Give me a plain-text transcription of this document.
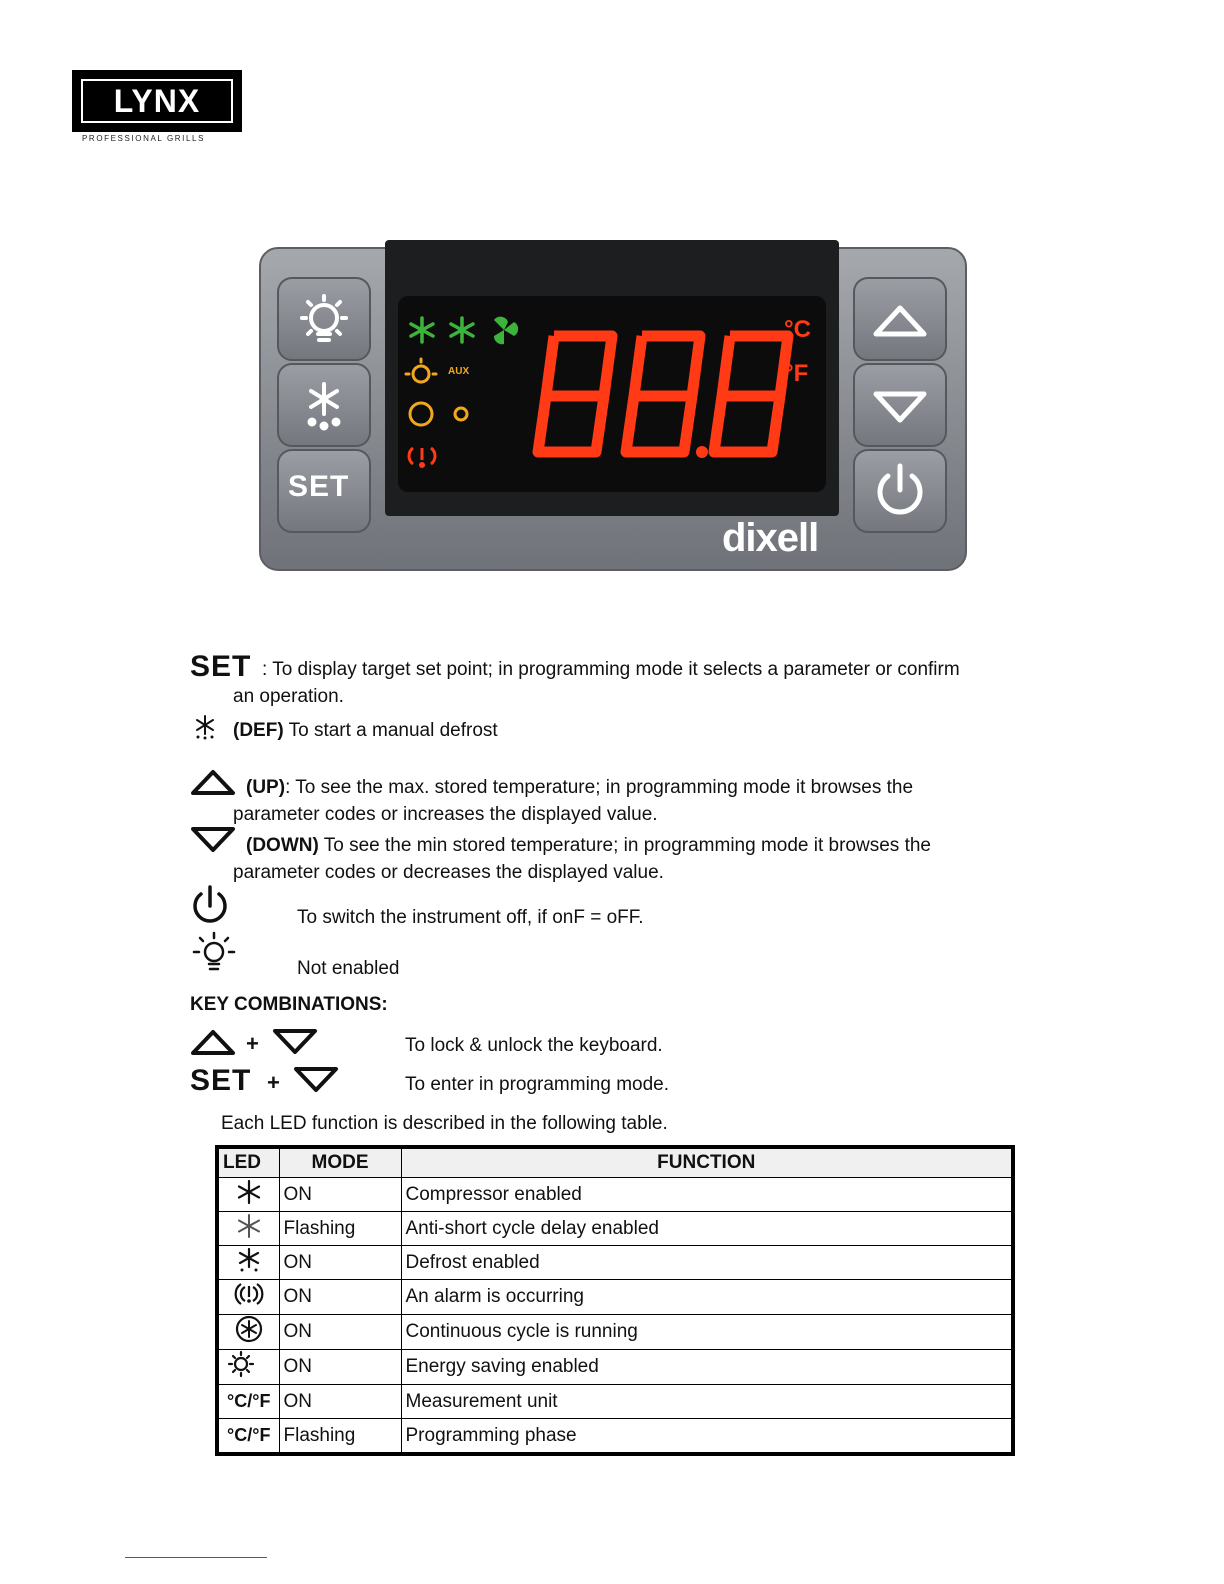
LYNX
PROFESSIONAL GRILLS
AUX
°C
°F
SET
dixell
SET : To display target set point; in programming mode it selects a parameter or confirm
an operation.
(DEF) To start a manual defrost
(UP): To see the max. stored temperature; in programming mode it browses the
parameter codes or increases the displayed value.
(DOWN) To see the min stored temperature; in programming mode it browses the
parameter codes or decreases the displayed value.
To switch the instrument off, if onF = oFF.
Not enabled
KEY COMBINATIONS:
+	To lock & unlock the keyboard.
SET +	To enter in programming mode.
Each LED function is described in the following table.
LED	MODE	FUNCTION
	ON	Compressor enabled
	Flashing	Anti-short cycle delay enabled
	ON	Defrost enabled
	ON	An alarm is occurring
	ON	Continuous cycle is running
	ON	Energy saving enabled
°C/°F	ON	Measurement unit
°C/°F	Flashing	Programming phase
